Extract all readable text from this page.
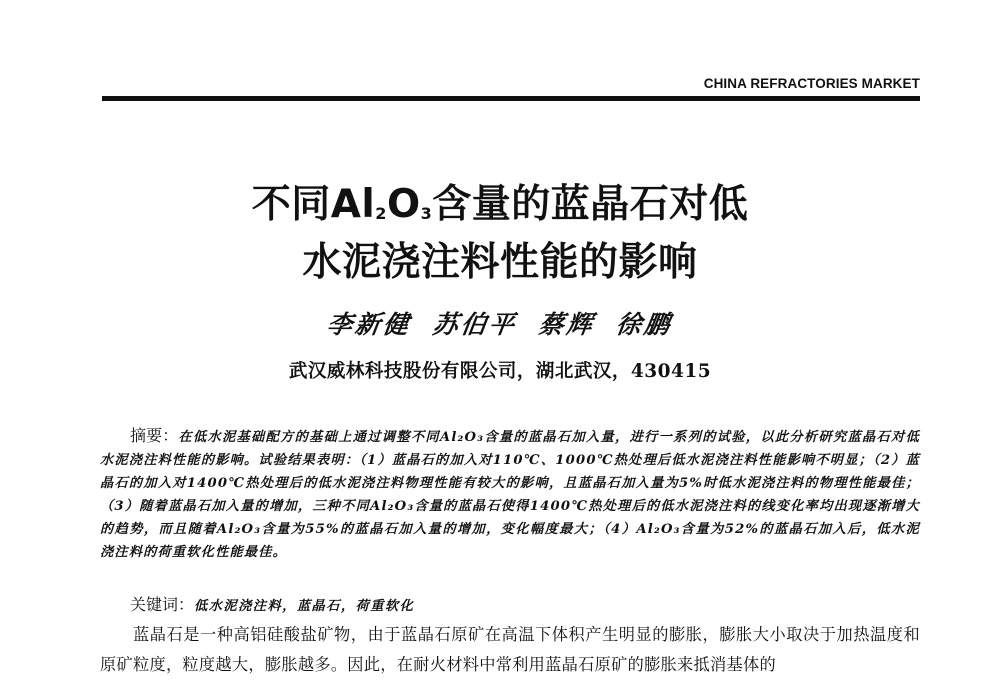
CHINA REFRACTORIES MARKET
不同$Al_2O_3$含量的蓝晶石对低
水泥浇注料性能的影响
李新健 苏伯平 蔡辉 徐鹏
武汉威林科技股份有限公司，湖北武汉，430415
摘要：在低水泥基础配方的基础上通过调整不同Al₂O₃含量的蓝晶石加入量，进行一系列的试验，以此分析研究蓝晶石对低水泥浇注料性能的影响。试验结果表明：（1）蓝晶石的加入对110℃、1000℃热处理后低水泥浇注料性能影响不明显；（2）蓝晶石的加入对1400℃热处理后的低水泥浇注料物理性能有较大的影响，且蓝晶石加入量为5%时低水泥浇注料的物理性能最佳；（3）随着蓝晶石加入量的增加，三种不同Al₂O₃含量的蓝晶石使得1400℃热处理后的低水泥浇注料的线变化率均出现逐渐增大的趋势，而且随着Al₂O₃含量为55%的蓝晶石加入量的增加，变化幅度最大；（4）Al₂O₃含量为52%的蓝晶石加入后，低水泥浇注料的荷重软化性能最佳。
关键词：低水泥浇注料，蓝晶石，荷重软化
蓝晶石是一种高铝硅酸盐矿物，由于蓝晶石原矿在高温下体积产生明显的膨胀，膨胀大小取决于加热温度和原矿粒度，粒度越大，膨胀越多。因此，在耐火材料中常利用蓝晶石原矿的膨胀来抵消基体的
